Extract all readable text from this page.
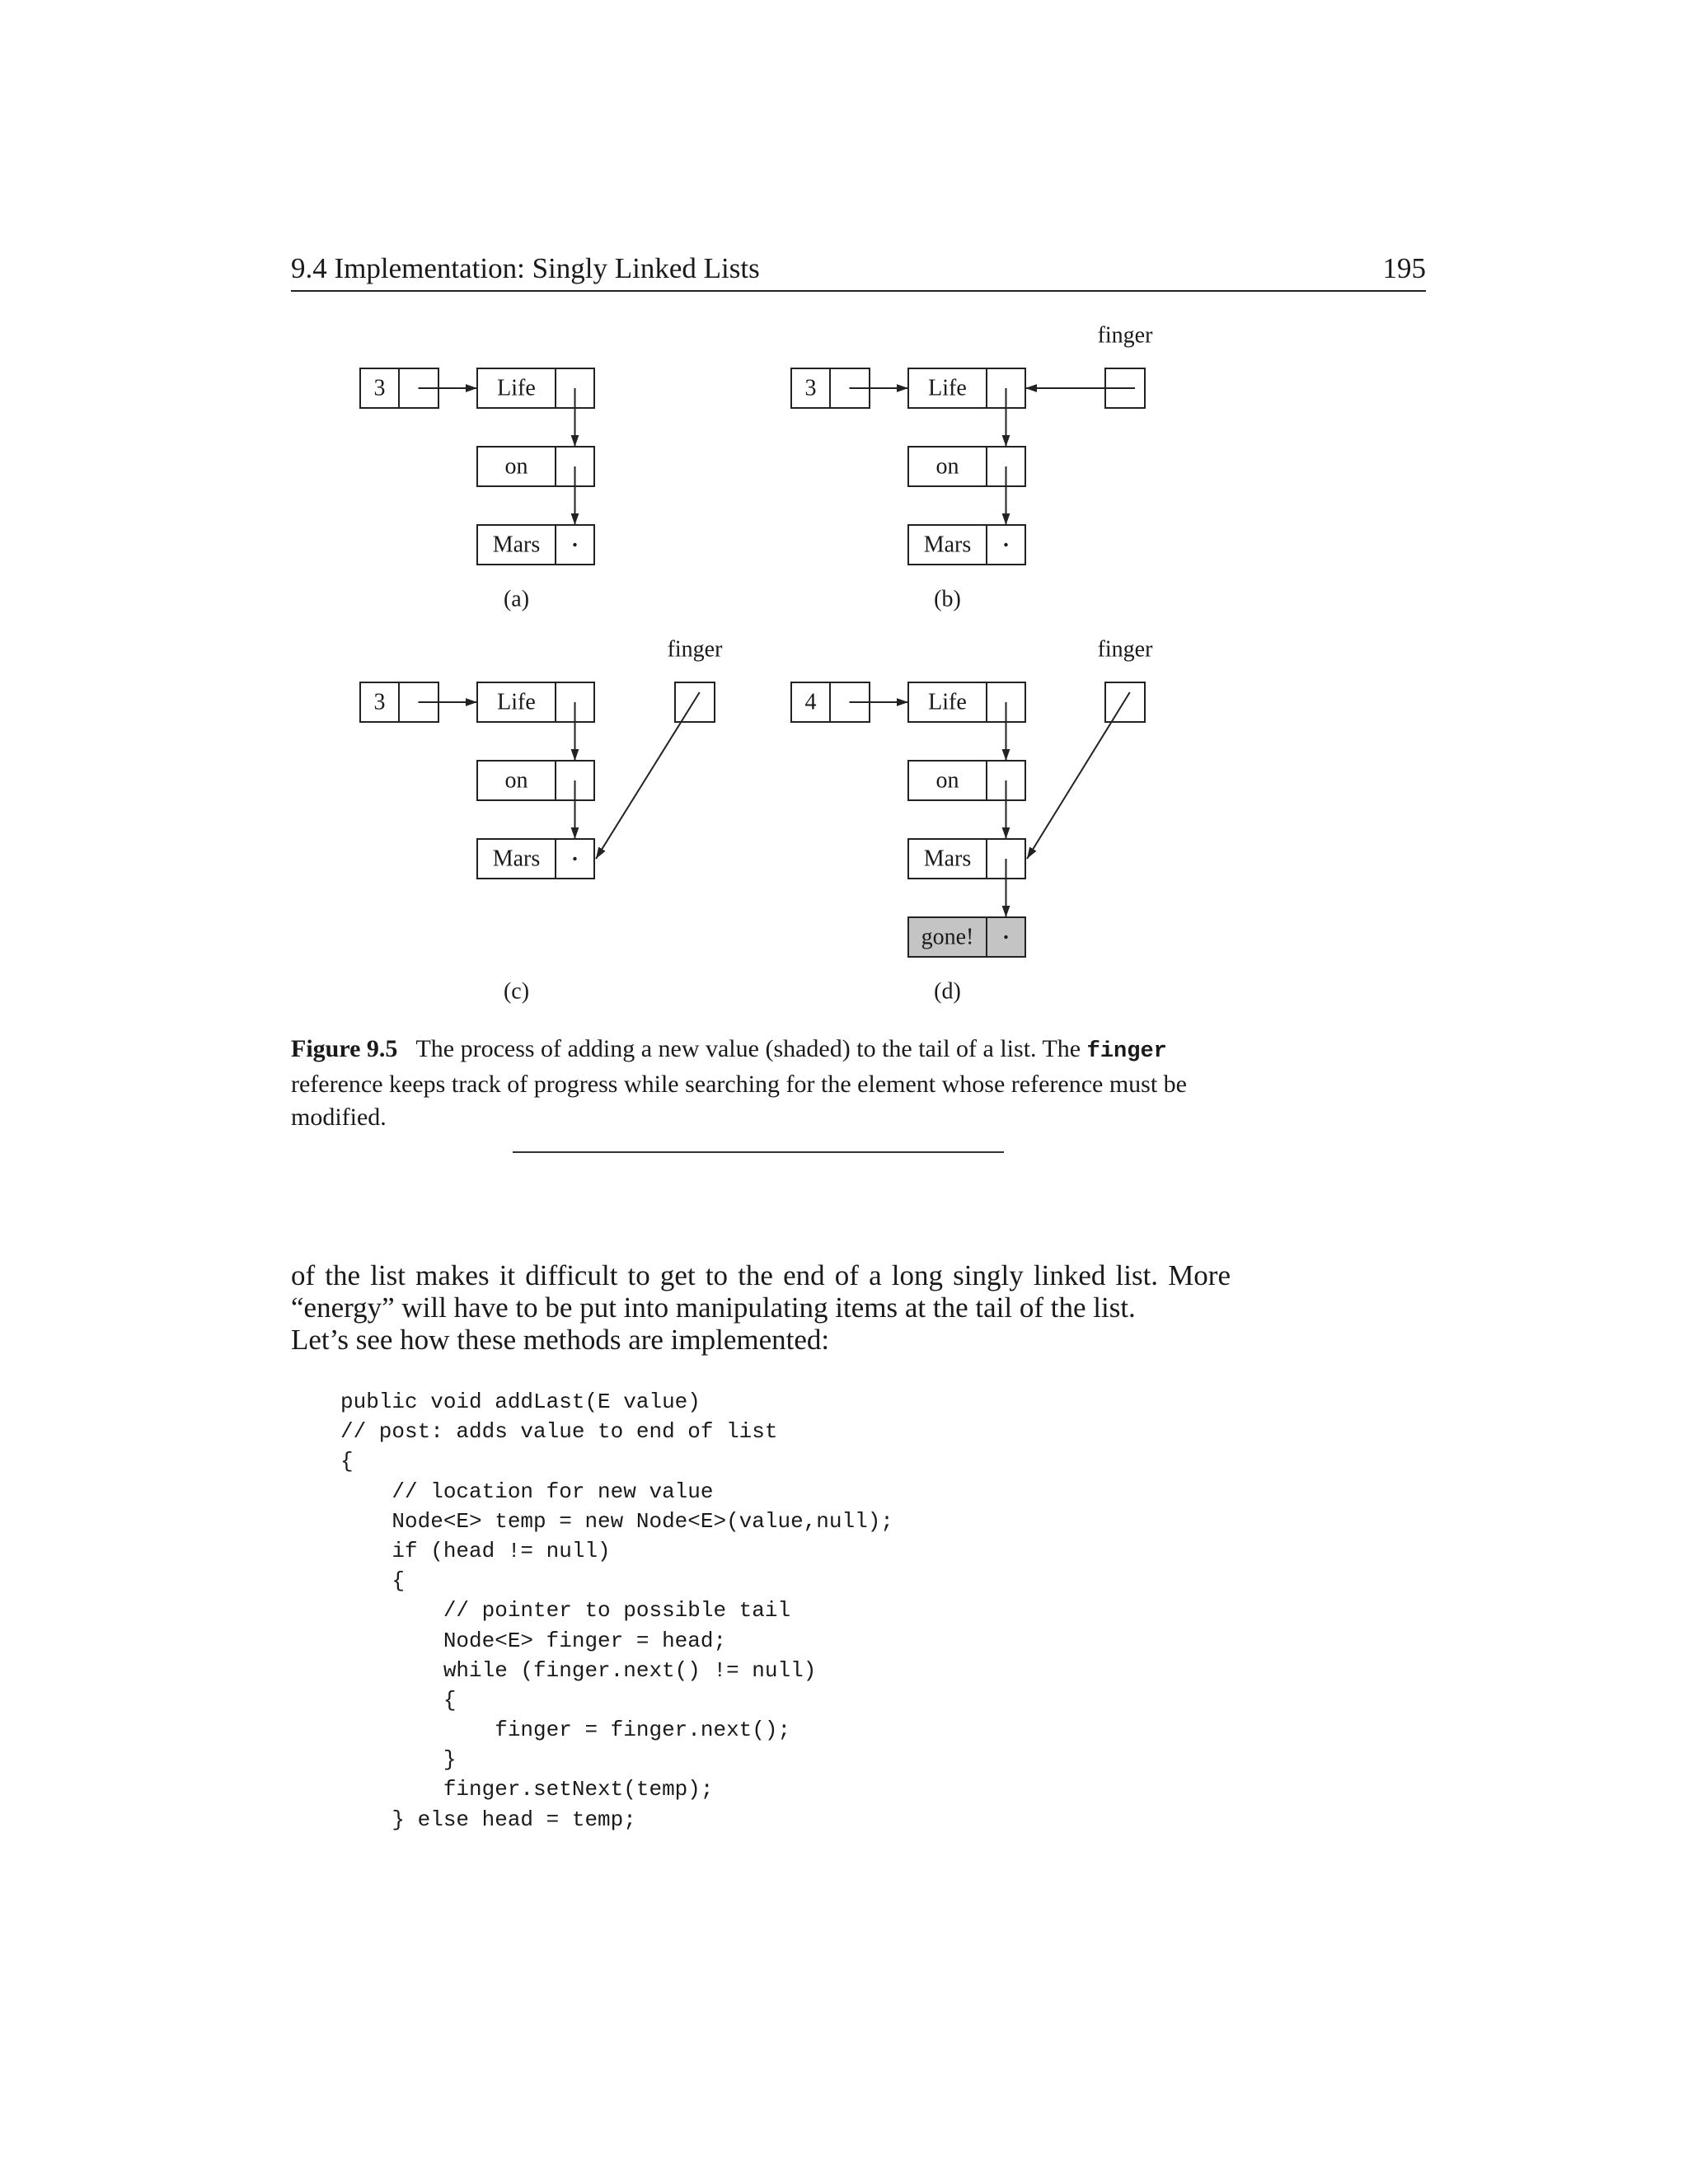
9.4 Implementation: Singly Linked Lists	195
3	Life
on
Mars
(a)
3	Life
on
Mars
finger
(b)
3	Life
on
Mars
finger
(c)
4	Life
on
Mars
gone!
finger
(d)
Figure 9.5 The process of adding a new value (shaded) to the tail of a list. The finger reference keeps track of progress while searching for the element whose reference must be modified.

of the list makes it difficult to get to the end of a long singly linked list. More “energy” will have to be put into manipulating items at the tail of the list.

Let’s see how these methods are implemented:

public void addLast(E value)
// post: adds value to end of list
{
// location for new value
Node<E> temp = new Node<E>(value,null);
if (head != null)
{
// pointer to possible tail
Node<E> finger = head;
while (finger.next() != null)
{
finger = finger.next();
}
finger.setNext(temp);
} else head = temp;
